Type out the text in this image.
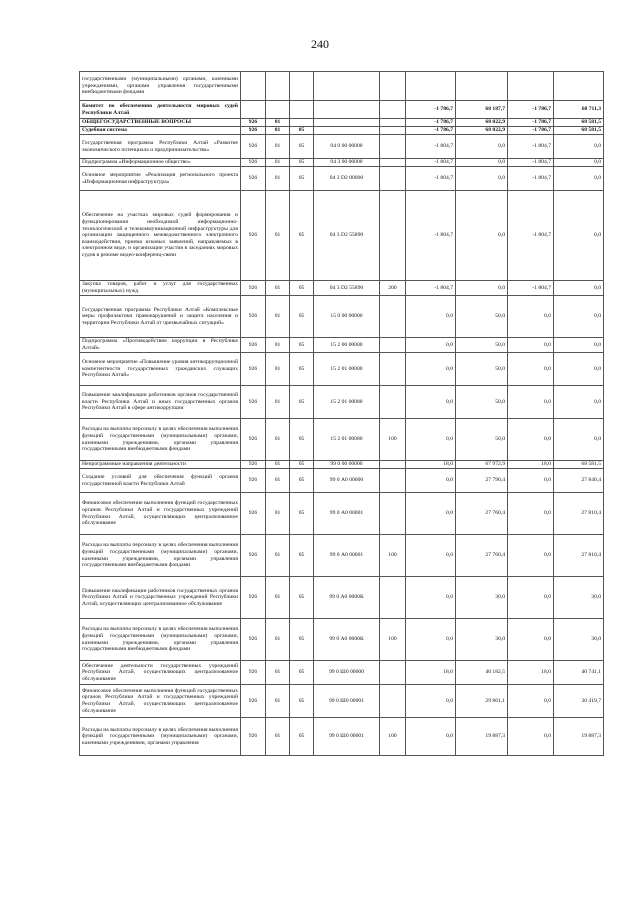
240
государственными (муниципальными) органами, казенными учреждениями, органами управления государственными внебюджетными фондами									
Комитет по обеспечению деятельности мировых судей Республики Алтай						-1 786,7	68 187,7	-1 786,7	68 711,3
ОБЩЕГОСУДАРСТВЕННЫЕ ВОПРОСЫ	926	01				-1 786,7	68 022,9	-1 786,7	68 581,5
Судебная система	926	01	05			-1 786,7	68 022,9	-1 786,7	68 581,5
Государственная программа Республики Алтай «Развитие экономического потенциала и предпринимательства»	926	01	05	04 0 00 00000		-1 804,7	0,0	-1 804,7	0,0
Подпрограмма «Информационное общество»	926	01	05	04 3 00 00000		-1 804,7	0,0	-1 804,7	0,0
Основное мероприятие «Реализация регионального проекта «Информационная инфраструктура»	926	01	05	04 3 D2 00000		-1 804,7	0,0	-1 804,7	0,0
Обеспечение на участках мировых судей формирования и функционирования необходимой информационно-технологической и телекоммуникационной инфраструктуры для организации защищенного межведомственного электронного взаимодействия, приема исковых заявлений, направляемых в электронном виде, и организации участия в заседаниях мировых судов в режиме видео-конференц-связи	926	01	05	04 3 D2 55890		-1 804,7	0,0	-1 804,7	0,0
Закупка товаров, работ и услуг для государственных (муниципальных) нужд	926	01	05	04 3 D2 55890	200	-1 804,7	0,0	-1 804,7	0,0
Государственная программа Республики Алтай «Комплексные меры профилактики правонарушений и защита населения и территории Республики Алтай от чрезвычайных ситуаций»	926	01	05	15 0 00 00000		0,0	50,0	0,0	0,0
Подпрограмма «Противодействие коррупции в Республике Алтай»	926	01	05	15 2 00 00000		0,0	50,0	0,0	0,0
Основное мероприятие «Повышение уровня антикоррупционной компетентности государственных гражданских служащих Республики Алтай»	926	01	05	15 2 01 00000		0,0	50,0	0,0	0,0
Повышение квалификации работников органов государственной власти Республики Алтай и иных государственных органов Республики Алтай в сфере антикоррупции	926	01	05	15 2 01 00080		0,0	50,0	0,0	0,0
Расходы на выплаты персоналу в целях обеспечения выполнения функций государственными (муниципальными) органами, казенными учреждениями, органами управления государственными внебюджетными фондами	926	01	05	15 2 01 00080	100	0,0	50,0	0,0	0,0
Непрограммные направления деятельности	926	01	05	99 0 00 00000		18,0	67 972,9	18,0	68 581,5
Создание условий для обеспечения функций органов государственной власти Республики Алтай	926	01	05	99 0 А0 00000		0,0	27 790,4	0,0	27 840,4
Финансовое обеспечение выполнения функций государственных органов Республики Алтай и государственных учреждений Республики Алтай, осуществляющих централизованное обслуживание	926	01	05	99 0 А0 00001		0,0	27 760,4	0,0	27 810,4
Расходы на выплаты персоналу в целях обеспечения выполнения функций государственными (муниципальными) органами, казенными учреждениями, органами управления государственными внебюджетными фондами	926	01	05	99 0 А0 00001	100	0,0	27 760,4	0,0	27 810,4
Повышение квалификации работников государственных органов Республики Алтай и государственных учреждений Республики Алтай, осуществляющих централизованное обслуживание	926	01	05	99 0 А0 0000К		0,0	30,0	0,0	30,0
Расходы на выплаты персоналу в целях обеспечения выполнения функций государственными (муниципальными) органами, казенными учреждениями, органами управления государственными внебюджетными фондами	926	01	05	99 0 А0 0000К	100	0,0	30,0	0,0	30,0
Обеспечение деятельности государственных учреждений Республики Алтай, осуществляющих централизованное обслуживание	926	01	05	99 0 Ш0 00000		18,0	40 182,5	18,0	40 741,1
Финансовое обеспечение выполнения функций государственных органов Республики Алтай и государственных учреждений Республики Алтай, осуществляющих централизованное обслуживание	926	01	05	99 0 Ш0 00001		0,0	29 861,1	0,0	30 419,7
Расходы на выплаты персоналу в целях обеспечения выполнения функций государственными (муниципальными) органами, казенными учреждениями, органами управления	926	01	05	99 0 Ш0 00001	100	0,0	19 887,3	0,0	19 887,3
